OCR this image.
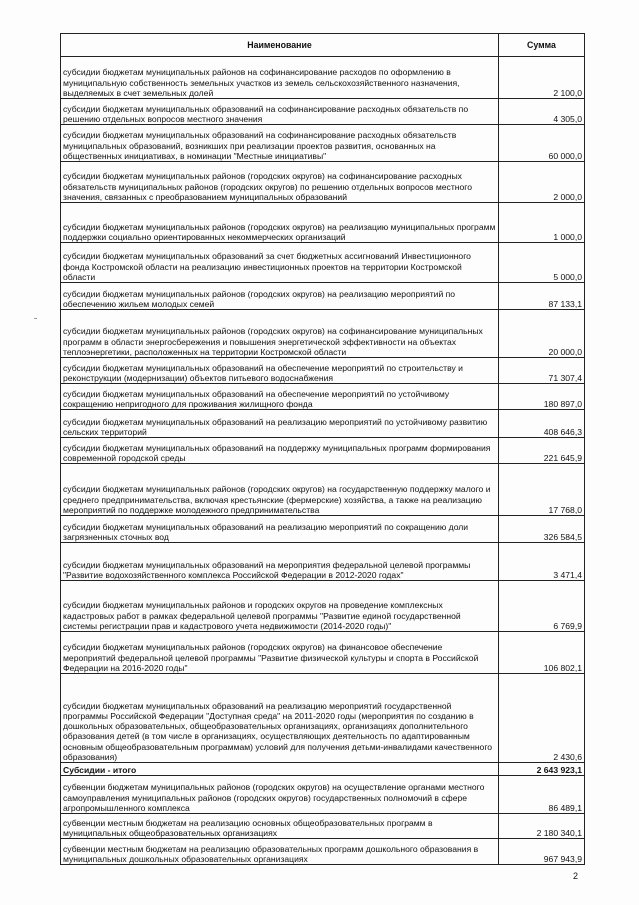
Наименование	Сумма
субсидии бюджетам муниципальных районов на софинансирование расходов по оформлению в муниципальную собственность земельных участков из земель сельскохозяйственного назначения, выделяемых в счет земельных долей	2 100,0
субсидии бюджетам муниципальных образований на софинансирование расходных обязательств по решению отдельных вопросов местного значения	4 305,0
субсидии бюджетам муниципальных образований на софинансирование расходных обязательств муниципальных образований, возникших при реализации проектов развития, основанных на общественных инициативах, в номинации "Местные инициативы"	60 000,0
субсидии бюджетам муниципальных районов (городских округов) на софинансирование расходных обязательств муниципальных районов (городских округов) по решению отдельных вопросов местного значения, связанных с преобразованием муниципальных образований	2 000,0
субсидии бюджетам муниципальных районов (городских округов) на реализацию муниципальных программ поддержки социально ориентированных некоммерческих организаций	1 000,0
субсидии бюджетам муниципальных образований за счет бюджетных ассигнований Инвестиционного фонда Костромской области на реализацию инвестиционных проектов на территории Костромской области	5 000,0
субсидии бюджетам муниципальных районов (городских округов) на реализацию мероприятий по обеспечению жильем молодых семей	87 133,1
субсидии бюджетам муниципальных районов (городских округов) на софинансирование муниципальных программ в области энергосбережения и повышения энергетической эффективности на объектах теплоэнергетики, расположенных на территории Костромской области	20 000,0
субсидии бюджетам муниципальных образований на обеспечение мероприятий по строительству и реконструкции (модернизации) объектов питьевого водоснабжения	71 307,4
субсидии бюджетам муниципальных образований на обеспечение мероприятий по устойчивому сокращению непригодного для проживания жилищного фонда	180 897,0
субсидии бюджетам муниципальных образований на реализацию мероприятий по устойчивому развитию сельских территорий	408 646,3
субсидии бюджетам муниципальных образований на поддержку муниципальных программ формирования современной городской среды	221 645,9
субсидии бюджетам муниципальных районов (городских округов) на государственную поддержку малого и среднего предпринимательства, включая крестьянские (фермерские) хозяйства, а также на реализацию мероприятий по поддержке молодежного предпринимательства	17 768,0
субсидии бюджетам муниципальных образований на реализацию мероприятий по сокращению доли загрязненных сточных вод	326 584,5
субсидии бюджетам муниципальных образований на мероприятия федеральной целевой программы "Развитие водохозяйственного комплекса Российской Федерации в 2012-2020 годах"	3 471,4
субсидии бюджетам муниципальных районов и городских округов на проведение комплексных кадастровых работ в рамках федеральной целевой программы "Развитие единой государственной системы регистрации прав и кадастрового учета недвижимости (2014-2020 годы)"	6 769,9
субсидии бюджетам муниципальных районов (городских округов) на финансовое обеспечение мероприятий федеральной целевой программы "Развитие физической культуры и спорта в Российской Федерации на 2016-2020 годы"	106 802,1
субсидии бюджетам муниципальных образований на реализацию мероприятий государственной программы Российской Федерации "Доступная среда" на 2011-2020 годы (мероприятия по созданию в дошкольных образовательных, общеобразовательных организациях, организациях дополнительного образования детей (в том числе в организациях, осуществляющих деятельность по адаптированным основным общеобразовательным программам) условий для получения детьми-инвалидами качественного образования)	2 430,6
Субсидии - итого	2 643 923,1
субвенции бюджетам муниципальных районов (городских округов) на осуществление органами местного самоуправления муниципальных районов (городских округов) государственных полномочий в сфере агропромышленного комплекса	86 489,1
субвенции местным бюджетам на реализацию основных общеобразовательных программ в муниципальных общеобразовательных организациях	2 180 340,1
субвенции местным бюджетам на реализацию образовательных программ дошкольного образования в муниципальных дошкольных образовательных организациях	967 943,9
2
